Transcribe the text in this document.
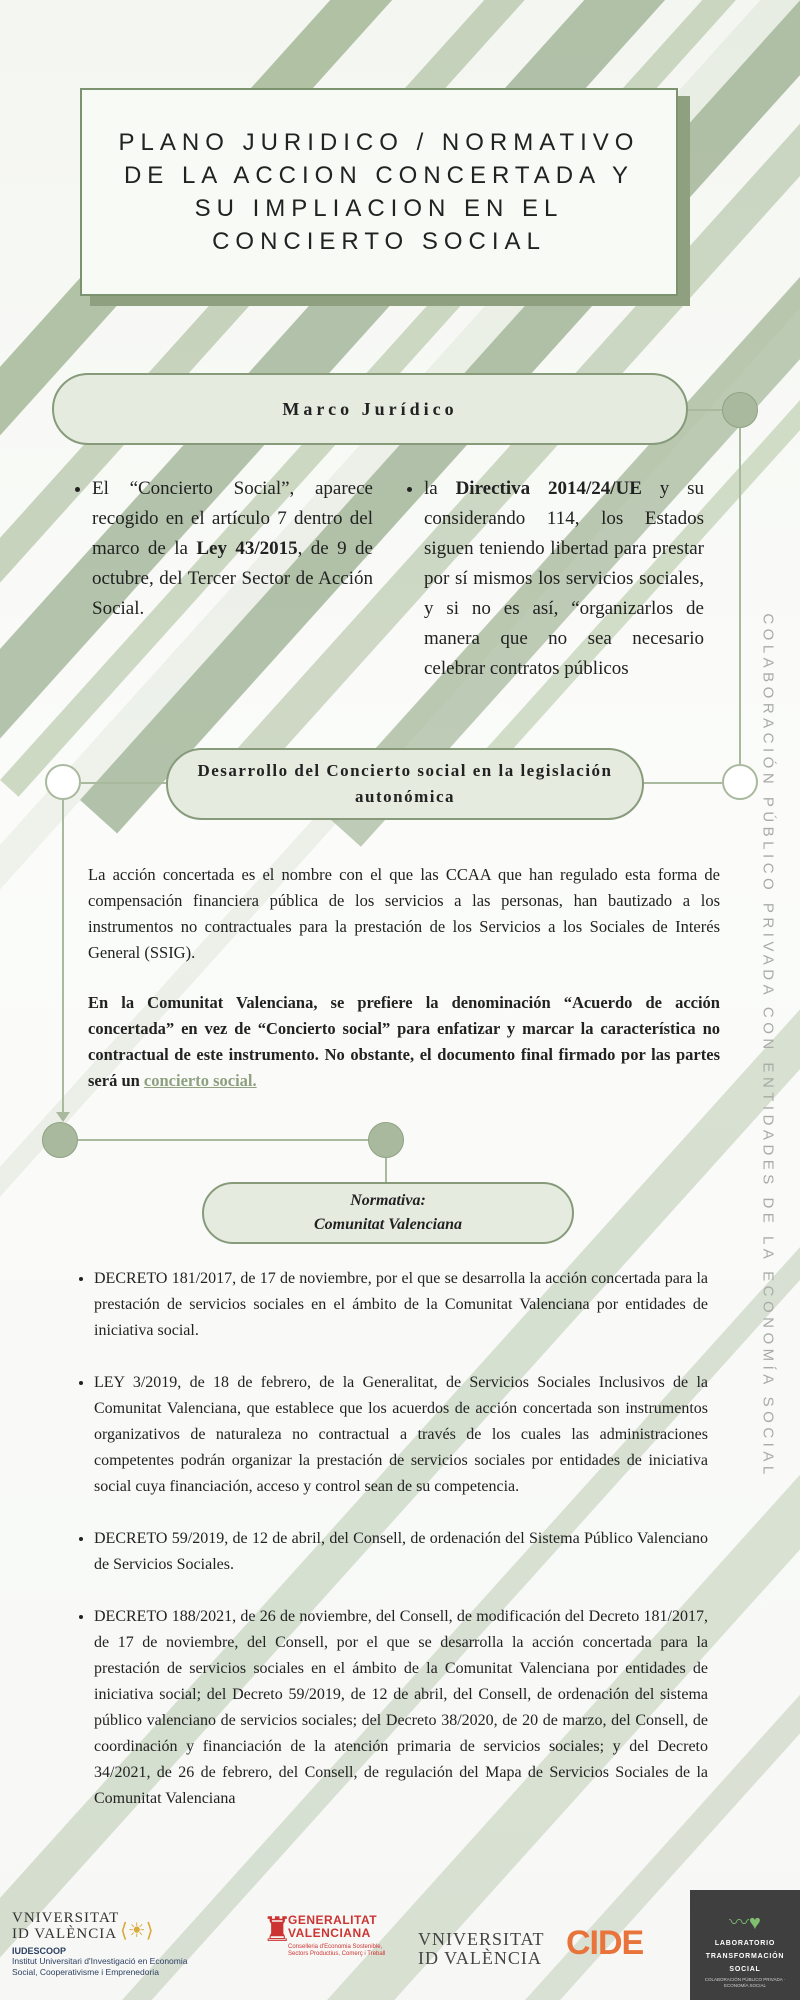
PLANO JURIDICO / NORMATIVO DE LA ACCION CONCERTADA Y SU IMPLIACION EN EL CONCIERTO SOCIAL
Marco Jurídico
• El “Concierto Social”, aparece recogido en el artículo 7 dentro del marco de la Ley 43/2015, de 9 de octubre, del Tercer Sector de Acción Social.
• la Directiva 2014/24/UE y su considerando 114, los Estados siguen teniendo libertad para prestar por sí mismos los servicios sociales, y si no es así, “organizarlos de manera que no sea necesario celebrar contratos públicos
Desarrollo del Concierto social en la legislación autonómica
La acción concertada es el nombre con el que las CCAA que han regulado esta forma de compensación financiera pública de los servicios a las personas, han bautizado a los instrumentos no contractuales para la prestación de los Servicios a los Sociales de Interés General (SSIG).
En la Comunitat Valenciana, se prefiere la denominación “Acuerdo de acción concertada” en vez de “Concierto social” para enfatizar y marcar la característica no contractual de este instrumento. No obstante, el documento final firmado por las partes será un concierto social.
Normativa:
Comunitat Valenciana
• DECRETO 181/2017, de 17 de noviembre, por el que se desarrolla la acción concertada para la prestación de servicios sociales en el ámbito de la Comunitat Valenciana por entidades de iniciativa social.
• LEY 3/2019, de 18 de febrero, de la Generalitat, de Servicios Sociales Inclusivos de la Comunitat Valenciana, que establece que los acuerdos de acción concertada son instrumentos organizativos de naturaleza no contractual a través de los cuales las administraciones competentes podrán organizar la prestación de servicios sociales por entidades de iniciativa social cuya financiación, acceso y control sean de su competencia.
• DECRETO 59/2019, de 12 de abril, del Consell, de ordenación del Sistema Público Valenciano de Servicios Sociales.
• DECRETO 188/2021, de 26 de noviembre, del Consell, de modificación del Decreto 181/2017, de 17 de noviembre, del Consell, por el que se desarrolla la acción concertada para la prestación de servicios sociales en el ámbito de la Comunitat Valenciana por entidades de iniciativa social; del Decreto 59/2019, de 12 de abril, del Consell, de ordenación del sistema público valenciano de servicios sociales; del Decreto 38/2020, de 20 de marzo, del Consell, de coordinación y financiación de la atención primaria de servicios sociales; y del Decreto 34/2021, de 26 de febrero, del Consell, de regulación del Mapa de Servicios Sociales de la Comunitat Valenciana
COLABORACIÓN PÚBLICO PRIVADA CON ENTIDADES DE LA ECONOMÍA SOCIAL
VNIVERSITAT
ID VALÈNCIA ⟨☀⟩
IUDESCOOP
Institut Universitari d'Investigació en Economia
Social, Cooperativisme i Emprenedoria
♜
GENERALITAT
VALENCIANA
Conselleria d'Economia Sostenible, Sectors Productius, Comerç i Treball
VNIVERSITAT
ID VALÈNCIA CIDE
〰♥
LABORATORIO
TRANSFORMACIÓN
SOCIAL
COLABORACIÓN PÚBLICO PRIVADA · ECONOMÍA SOCIAL
